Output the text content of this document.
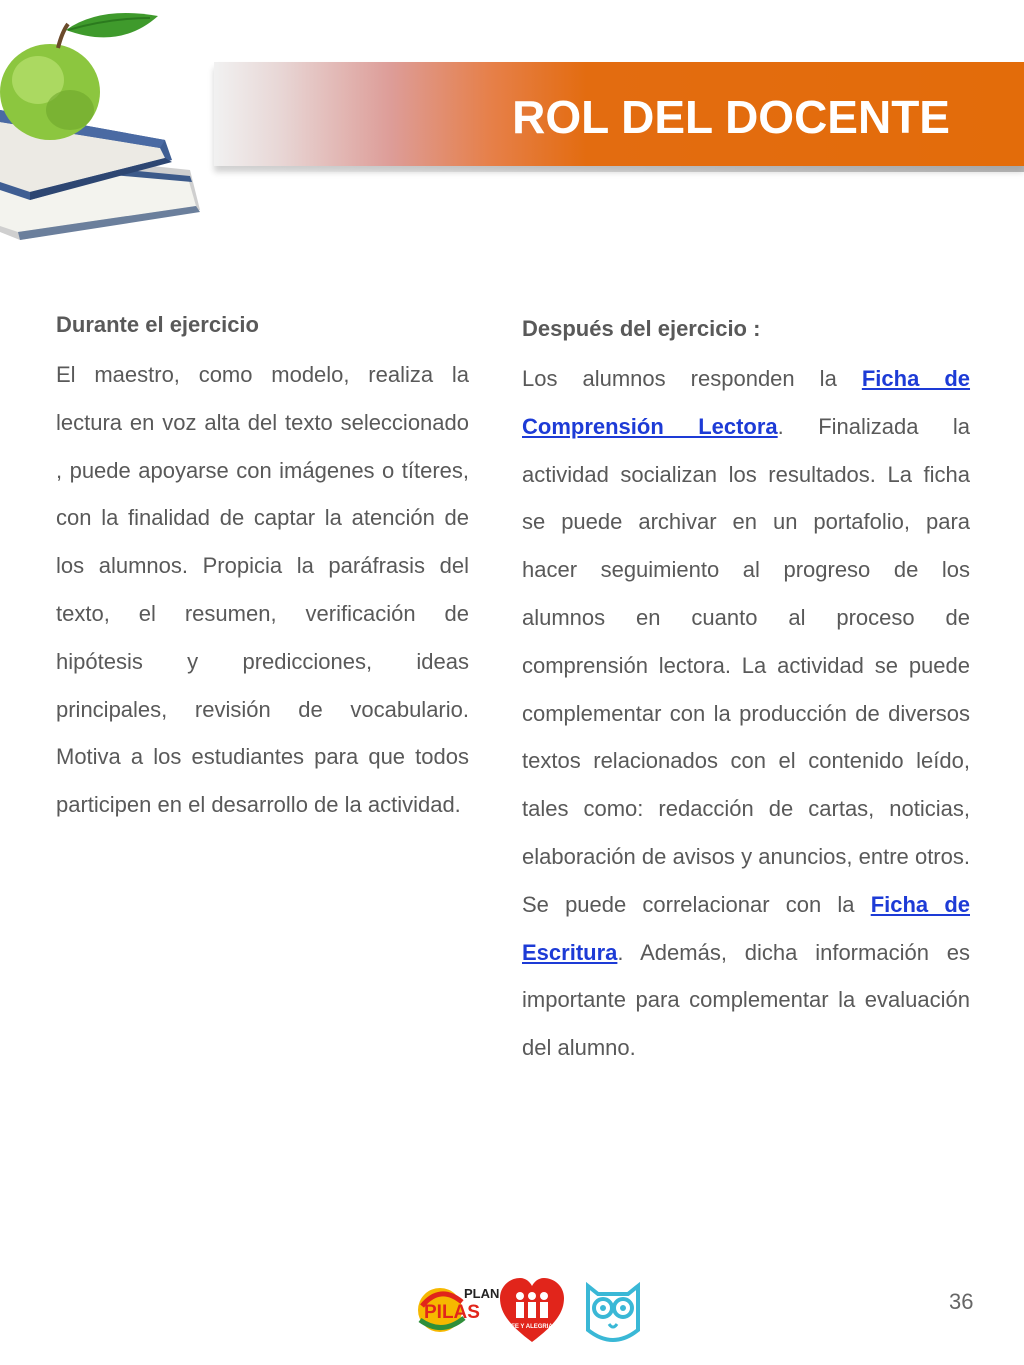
ROL DEL DOCENTE
Durante el ejercicio

El maestro, como modelo, realiza la lectura en voz alta del texto seleccionado , puede apoyarse con imágenes o títeres, con la finalidad de captar la atención de los alumnos. Propicia la paráfrasis del texto, el resumen, verificación de hipótesis y predicciones, ideas principales, revisión de vocabulario. Motiva a los estudiantes para que todos participen en el desarrollo de la actividad.

Después del ejercicio :

Los alumnos responden la Ficha de Comprensión Lectora. Finalizada la actividad socializan los resultados. La ficha se puede archivar en un portafolio, para hacer seguimiento al progreso de los alumnos en cuanto al proceso de comprensión lectora. La actividad se puede complementar con la producción de diversos textos relacionados con el contenido leído, tales como: redacción de cartas, noticias, elaboración de avisos y anuncios, entre otros. Se puede correlacionar con la Ficha de Escritura. Además, dicha información es importante para complementar la evaluación del alumno.

PLAN
PILAS
FE Y ALEGRIA
36
